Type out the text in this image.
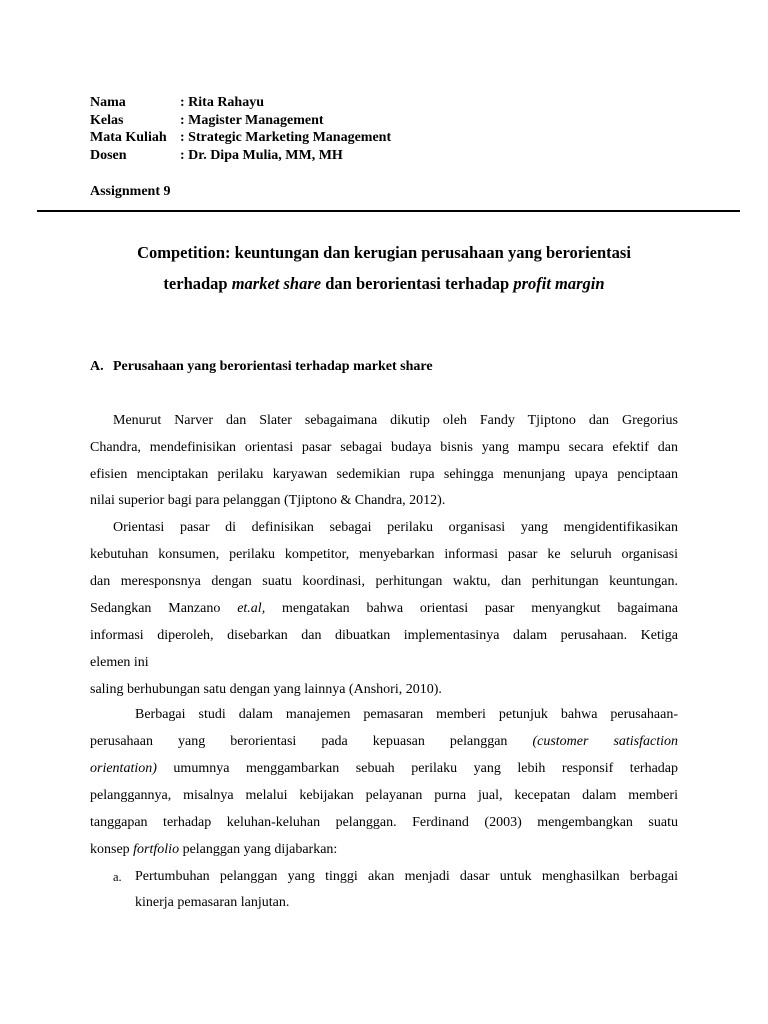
Nama	: Rita Rahayu
Kelas	: Magister Management
Mata Kuliah : Strategic Marketing Management
Dosen	: Dr. Dipa Mulia, MM, MH
Assignment 9
Competition: keuntungan dan kerugian perusahaan yang berorientasi
terhadap market share dan berorientasi terhadap profit margin
A. Perusahaan yang berorientasi terhadap market share
Menurut Narver dan Slater sebagaimana dikutip oleh Fandy Tjiptono dan Gregorius
Chandra, mendefinisikan orientasi pasar sebagai budaya bisnis yang mampu secara efektif dan
efisien menciptakan perilaku karyawan sedemikian rupa sehingga menunjang upaya penciptaan
nilai superior bagi para pelanggan (Tjiptono & Chandra, 2012).
Orientasi pasar di definisikan sebagai perilaku organisasi yang mengidentifikasikan
kebutuhan konsumen, perilaku kompetitor, menyebarkan informasi pasar ke seluruh organisasi
dan meresponsnya dengan suatu koordinasi, perhitungan waktu, dan perhitungan keuntungan.
Sedangkan Manzano et.al, mengatakan bahwa orientasi pasar menyangkut bagaimana
informasi diperoleh, disebarkan dan dibuatkan implementasinya dalam perusahaan. Ketiga
elemen ini
saling berhubungan satu dengan yang lainnya (Anshori, 2010).
Berbagai studi dalam manajemen pemasaran memberi petunjuk bahwa perusahaan-
perusahaan yang berorientasi pada kepuasan pelanggan (customer satisfaction
orientation) umumnya menggambarkan sebuah perilaku yang lebih responsif terhadap
pelanggannya, misalnya melalui kebijakan pelayanan purna jual, kecepatan dalam memberi
tanggapan terhadap keluhan-keluhan pelanggan. Ferdinand (2003) mengembangkan suatu
konsep fortfolio pelanggan yang dijabarkan:
a. Pertumbuhan pelanggan yang tinggi akan menjadi dasar untuk menghasilkan berbagai
kinerja pemasaran lanjutan.
